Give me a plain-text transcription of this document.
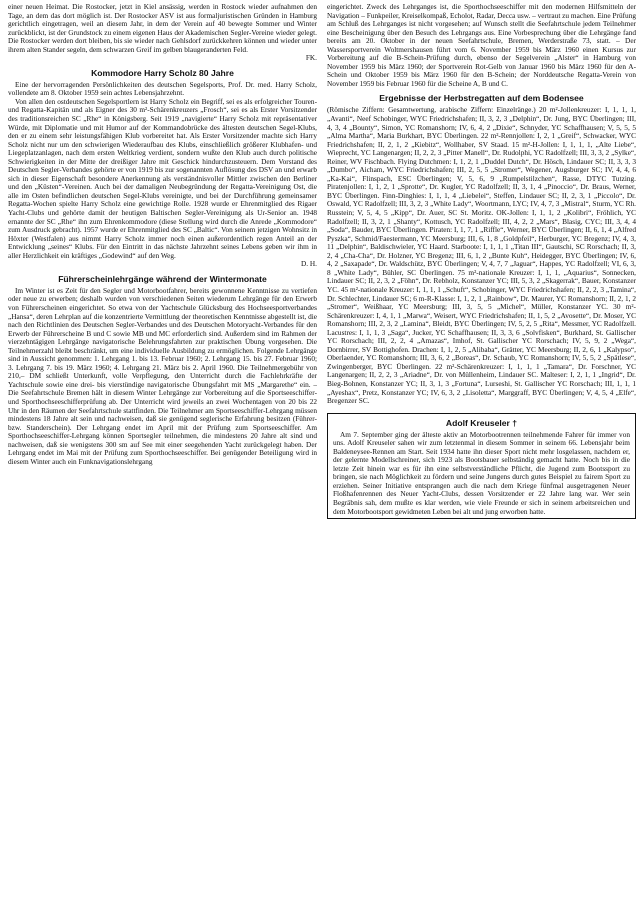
einer neuen Heimat. Die Rostocker, jetzt in Kiel ansässig, werden in Rostock wieder aufnahmen den Tage, an dem das dort möglich ist. Der Rostocker ASV ist aus formaljuristischen Gründen in Hamburg gerichtlich eingetragen, weil an diesem Jahr, in dem der Verein auf 40 bewegte Sommer und Winter zurückblickt, ist der Grundstock zu einem eigenen Haus der Akademischen Segler-Vereine wieder gelegt. Die Rostocker werden dort bleiben, bis sie wieder nach Gehlsdorf zurückkehren können und wieder unter ihrem alten Stander segeln, dem schwarzen Greif im gelben blaugeranderten Feld.

FK.

Kommodore Harry Scholz 80 Jahre

Eine der hervorragenden Persönlichkeiten des deutschen Segelsports, Prof. Dr. med. Harry Scholz, vollendete am 8. Oktober 1959 sein achtes Lebensjahrzehnt.

Von allen den ostdeutschen Segelsportlern ist Harry Scholz ein Begriff, sei es als erfolgreicher Touren- und Regatta-Kapitän und als Eigner des 30 m²-Schärenkreuzers „Frosch“, sei es als Erster Vorsitzender des traditionsreichen SC „Rhe“ in Königsberg. Seit 1919 „navigierte“ Harry Scholz mit repräsentativer Würde, mit Diplomatie und mit Humor auf der Kommandobrücke des ältesten deutschen Segel-Klubs, den er zu einem sehr leistungsfähigen Klub vorbereitet hat. Als Erster Vorsitzender machte sich Harry Scholz nicht nur um den schwierigen Wiederaufbau des Klubs, einschließlich größerer Klubhafen- und Liegeplatzanlagen, nach dem ersten Weltkrieg verdient, sondern wußte den Klub auch durch politische Schwierigkeiten in der Mitte der dreißiger Jahre mit Geschick hindurchzusteuern. Dem Vorstand des Deutschen Segler-Verbandes gehörte er von 1919 bis zur sogenannten Auflösung des DSV an und erwarb sich in dieser Eigenschaft besondere Anerkennung als verständnisvoller Mittler zwischen den Berliner und den „Küsten“-Vereinen. Auch bei der damaligen Neubegründung der Regatta-Vereinigung Ost, die alle im Osten befindlichen deutschen Segel-Klubs vereinigte, und bei der Durchführung gemeinsamer Regatta-Wochen spielte Harry Scholz eine gewichtige Rolle. 1928 wurde er Ehrenmitglied des Rigaer Yacht-Clubs und gehörte damit der heutigen Baltischen Segler-Vereinigung als Ur-Senior an. 1948 ernannte der SC „Rhe“ ihn zum Ehrenkommodore (diese Stellung wird durch die Anrede „Kommodore“ zum Ausdruck gebracht). 1957 wurde er Ehrenmitglied des SC „Baltic“. Von seinem jetzigen Wohnsitz in Höxter (Westfalen) aus nimmt Harry Scholz immer noch einen außerordentlich regen Anteil an der Entwicklung „seines“ Klubs. Für den Eintritt in das nächste Jahrzehnt seines Lebens geben wir ihm in aller Herzlichkeit ein kräftiges „Godewind“ auf den Weg.

D. H.

Führerscheinlehrgänge während der Wintermonate

Im Winter ist es Zeit für den Segler und Motorbootfahrer, bereits gewonnene Kenntnisse zu vertiefen oder neue zu erwerben; deshalb wurden von verschiedenen Seiten wiederum Lehrgänge für den Erwerb von Führerscheinen eingerichtet. So etwa von der Yachtschule Glücksburg des Hochseesportverbandes „Hansa“, deren Lehrplan auf die konzentrierte Vermittlung der theoretischen Kenntnisse abgestellt ist, die nach den Richtlinien des Deutschen Segler-Verbandes und des Deutschen Motoryacht-Verbandes für den Erwerb der Führerscheine B und C sowie MB und MC erforderlich sind. Außerdem sind im Rahmen der vierzehntägigen Lehrgänge navigatorische Belehrungsfahrten zur praktischen Übung vorgesehen. Die Teilnehmerzahl bleibt beschränkt, um eine individuelle Ausbildung zu ermöglichen. Folgende Lehrgänge sind in Aussicht genommen: 1. Lehrgang 1. bis 13. Februar 1960; 2. Lehrgang 15. bis 27. Februar 1960; 3. Lehrgang 7. bis 19. März 1960; 4. Lehrgang 21. März bis 2. April 1960. Die Teilnehmergebühr von 210,– DM schließt Unterkunft, volle Verpflegung, den Unterricht durch die Fachlehrkräfte der Yachtschule sowie eine drei- bis vierstündige navigatorische Übungsfahrt mit MS „Margarethe“ ein. – Die Seefahrtschule Bremen hält in diesem Winter Lehrgänge zur Vorbereitung auf die Sportseeschiffer- und Sporthochseeschifferprüfung ab. Der Unterricht wird jeweils an zwei Wochentagen von 20 bis 22 Uhr in den Räumen der Seefahrtschule stattfinden. Die Teilnehmer am Sportseeschiffer-Lehrgang müssen mindestens 18 Jahre alt sein und nachweisen, daß sie genügend seglerische Erfahrung besitzen (Führer- bzw. Standerschein). Der Lehrgang endet im April mit der Prüfung zum Sportseeschiffer. Am Sporthochseeschiffer-Lehrgang können Sportsegler teilnehmen, die mindestens 20 Jahre alt sind und nachweisen, daß sie wenigstens 300 sm auf See mit einer seegehenden Yacht zurückgelegt haben. Der Lehrgang endet im Mai mit der Prüfung zum Sporthochseeschiffer. Bei genügender Beteiligung wird in diesem Winter auch ein Funknavigationslehrgang

eingerichtet. Zweck des Lehrganges ist, die Sporthochseeschiffer mit den modernen Hilfsmitteln der Navigation – Funkpeiler, Kreiselkompaß, Echolot, Radar, Decca usw. – vertraut zu machen. Eine Prüfung am Schluß des Lehrganges ist nicht vorgesehen; auf Wunsch stellt die Seefahrtschule jedem Teilnehmer eine Bescheinigung über den Besuch des Lehrgangs aus. Eine Vorbesprechung über die Lehrgänge fand bereits am 20. Oktober in der neuen Seefahrtschule, Bremen, Werderstraße 73, statt. – Der Wassersportverein Woltmershausen führt vom 6. November 1959 bis März 1960 einen Kursus zur Vorbereitung auf die B-Schein-Prüfung durch, ebenso der Segelverein „Alster“ in Hamburg von November 1959 bis März 1960; der Sportverein Rot-Gelb von Januar 1960 bis März 1960 für den A-Schein und Oktober 1959 bis März 1960 für den B-Schein; der Norddeutsche Regatta-Verein von November 1959 bis Februar 1960 für die Scheine A, B und C.

Ergebnisse der Herbstregatten auf dem Bodensee

(Römische Ziffern: Gesamtwertung, arabische Ziffern: Einzelränge.) 20 m²-Jollenkreuzer: I, 1, 1, 1, „Avanti“, Neef Schobinger, WYC Friedrichshafen; II, 3, 2, 3 „Delphin“, Dr. Jung, BYC Überlingen; III, 4, 3, 4 „Bounty“, Simon, YC Romanshorn; IV, 6, 4, 2 „Dixie“, Schnyder, YC Schaffhausen; V, 5, 5, 5 „Alma Martha“, Maria Burkhart, BYC Überlingen. 22 m²-Rennjollen: I, 2, 1 „Greif“, Schwacker, WYC Friedrichshafen; II, 2, 1, 2 „Kiebitz“, Wollhaber, SV Staad. 15 m²-H-Jollen: I, 1, 1, 1, „Alte Liebe“, Wieprecht, YC Langenargen; II, 2, 2, 3 „Pitter Manell“, Dr. Rudolphi, YC Radolfzell; III, 3, 3, 2 „Sylke“, Reiner, WV Fischbach. Flying Dutchmen: I, 1, 2, 1 „Duddel Dutch“, Dr. Hösch, Lindauer SC; II, 3, 3, 3 „Dumbo“, Aicham, WYC Friedrichshafen; III, 2, 5, 5 „Stromer“, Wegener, Augsburger SC; IV, 4, 4, 6 „Ka-Kai“, Flinspach, ESC Überlingen; V, 5, 6, 9 „Rumpelstilzchen“, Rasse, DTYC Tutzing. Piratenjollen: I, 1, 2, 1 „Sprotte“, Dr. Kugler, YC Radolfzell; II, 3, 1, 4 „Pinoccio“, Dr. Braus, Werner, BYC Überlingen. Finn-Dinghies: I, 1, 1, 4 „Liebelei“, Steffen, Lindauer SC; II, 2, 3, 1 „Piccolo“, Dr. Oswald, YC Radolfzell; III, 3, 2, 3 „White Lady“, Woortmann, LYC; IV, 4, 7, 3 „Mistral“, Sturm, YC Rh. Russtein; V, 5, 4, 5 „Kipp“, Dr. Auer, SC St. Moritz. OK-Jollen: I, 1, 1, 2 „Kolibri“, Fröhlich, YC Radolfzell; II, 3, 2, 1 „Shanty“, Kottusch, YC Radolfzell; III, 4, 2, 2 „Mars“, Blasig, CYC; III, 3, 4, 4 „Soda“, Bauder, BYC Überlingen. Piraten: I, 1, 7, 1 „Riffle“, Werner, BYC Überlingen; II, 6, 1, 4 „Alfred Pyszka“, Schmid/Faestermann, YC Meersburg; III, 6, 1, 8 „Goldpfeil“, Herburger, YC Bregenz; IV, 4, 3, 11 „Delphin“, Baldischwieler, YC Haard. Starboote: I, 1, 1, 1 „Titan III“, Gautschi, SC Rorschach; II, 3, 2, 4 „Cha-Cha“, Dr. Holzner, YC Bregenz; III, 6, 1, 2 „Bunte Kuh“, Heidegger, BYC Überlingen; IV, 6, 4, 2 „Saxapade“, Dr. Waldschütz, BYC Überlingen; V, 4, 7, 7 „Jaguar“, Happes, YC Radolfzell; VI, 6, 3, 8 „White Lady“, Bühler, SC Überlingen. 75 m²-nationale Kreuzer: I, 1, 1, „Aquarius“, Sonnecken, Lindauer SC; II, 2, 3, 2 „Föhn“, Dr. Rebholz, Konstanzer YC; III, 5, 3, 2 „Skagerrak“, Bauer, Konstanzer YC. 45 m²-nationale Kreuzer: I, 1, 1, 1 „Schuft“, Schobinger, WYC Friedrichshafen; II, 2, 2, 3 „Tamina“, Dr. Schlechter, Lindauer SC; 6 m-R-Klasse: I, 1, 2, 1 „Rainbow“, Dr. Maurer, YC Romanshorn; II, 2, 1, 2 „Stromer“, Weißhaar, YC Meersburg; III, 3, 5, 5 „Michel“, Müller, Konstanzer YC. 30 m²-Schärenkreuzer: I, 4, 1, 1 „Marwa“, Weisert, WYC Friedrichshafen; II, 1, 5, 2 „Avosette“, Dr. Moser, YC Romanshorn; III, 2, 3, 2 „Lamina“, Bleidt, BYC Überlingen; IV, 5, 2, 5 „Rita“, Messmer, YC Radolfzell. Lacustres: I, 1, 1, 3 „Saga“, Jucker, YC Schaffhausen; II, 3, 3, 6 „Solvfisken“, Burkhard, St. Gallischer YC Rorschach; III, 2, 2, 4 „Amazas“, Imhof, St. Gallischer YC Rorschach; IV, 5, 9, 2 „Wega“, Dornbirrer, SV Bottighofen. Drachen: I, 1, 2, 5 „Alibaba“, Grätter, YC Meersburg; II, 2, 6, 1 „Kalypso“, Oberlaender, YC Romanshorn; III, 3, 6, 2 „Boreas“, Dr. Schaub, YC Romanshorn; IV, 5, 5, 2 „Spätlese“, Zwingenberger, BYC Überlingen. 22 m²-Schärenkreuzer: I, 1, 1, 1 „Tamara“, Dr. Forschner, YC Langenargen; II, 2, 2, 3 „Ariadne“, Dr. von Müllenheim, Lindauer SC. Malteser: I, 2, 1, 1 „Ingrid“, Dr. Bieg-Bohnen, Konstanzer YC; II, 3, 1, 3 „Fortuna“, Lurseshi, St. Gallischer YC Rorschach; III, 1, 1, 1 „Ayeshax“, Pretz, Konstanzer YC; IV, 6, 3, 2 „Lisoletta“, Marggraff, BYC Überlingen; V, 4, 5, 4 „Elfe“, Bregenzer SC.

Adolf Kreuseler †

Am 7. September ging der älteste aktiv an Motorbootrennen teilnehmende Fahrer für immer von uns. Adolf Kreuseler sahen wir zum letztenmal in diesem Sommer in seinem 66. Lebensjahr beim Baldeneysee-Rennen am Start. Seit 1934 hatte ihn dieser Sport nicht mehr losgelassen, nachdem er, der gelernte Modellschreiner, sich 1923 als Bootsbauer selbständig gemacht hatte. Noch bis in die letzte Zeit hinein war es für ihn eine selbstverständliche Pflicht, die Jugend zum Bootssport zu bringen, sie nach Möglichkeit zu fördern und seine Jungens durch gutes Beispiel zu fairem Sport zu erziehen. Seiner Initiative entsprangen auch die nach dem Kriege fünfmal ausgetragenen Neuer Floßhafenrennen des Neuer Yacht-Clubs, dessen Vorsitzender er 22 Jahre lang war. Wer sein Begräbnis sah, dem mußte es klar werden, wie viele Freunde er sich in seinem arbeitsreichen und dem Motorbootsport gewidmeten Leben bei alt und jung erworben hatte.
